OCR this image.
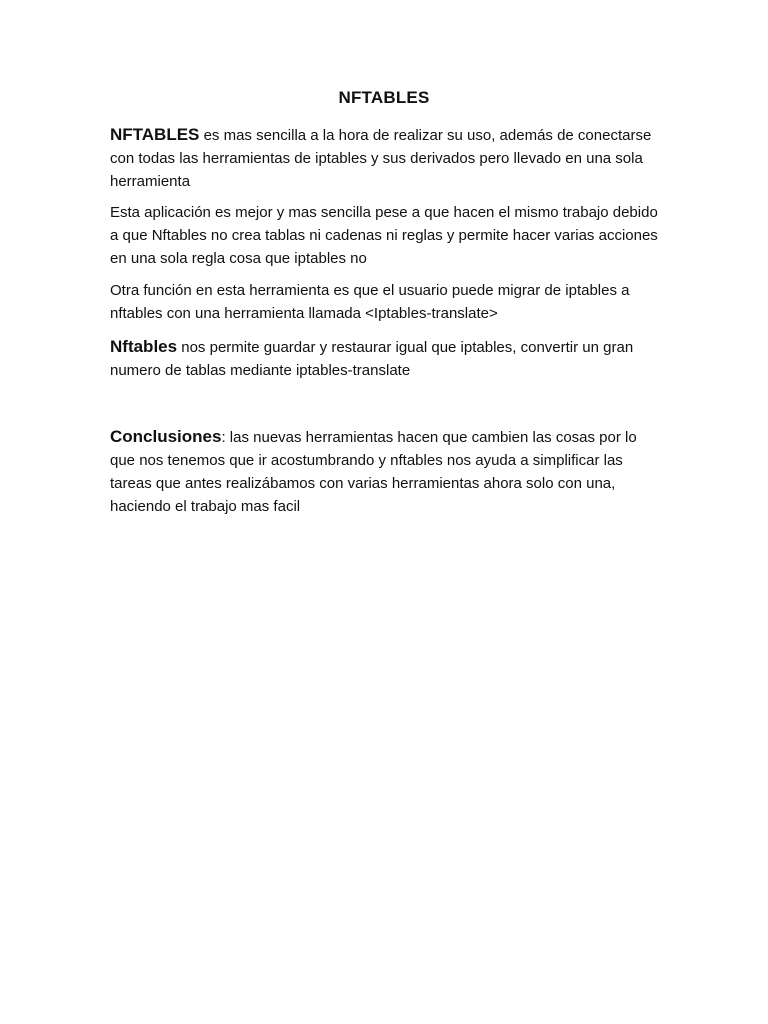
NFTABLES

NFTABLES es mas sencilla a la hora de realizar su uso, además de conectarse con todas las herramientas de iptables y sus derivados pero llevado en una sola herramienta

Esta aplicación es mejor y mas sencilla pese a que hacen el mismo trabajo debido a que Nftables no crea tablas ni cadenas ni reglas y permite hacer varias acciones en una sola regla cosa que iptables no

Otra función en esta herramienta es que el usuario puede migrar de iptables a nftables con una herramienta llamada <Iptables-translate>

Nftables nos permite guardar y restaurar igual que iptables, convertir un gran numero de tablas mediante iptables-translate

Conclusiones: las nuevas herramientas hacen que cambien las cosas por lo que nos tenemos que ir acostumbrando y nftables nos ayuda a simplificar las tareas que antes realizábamos con varias herramientas ahora solo con una, haciendo el trabajo mas facil
